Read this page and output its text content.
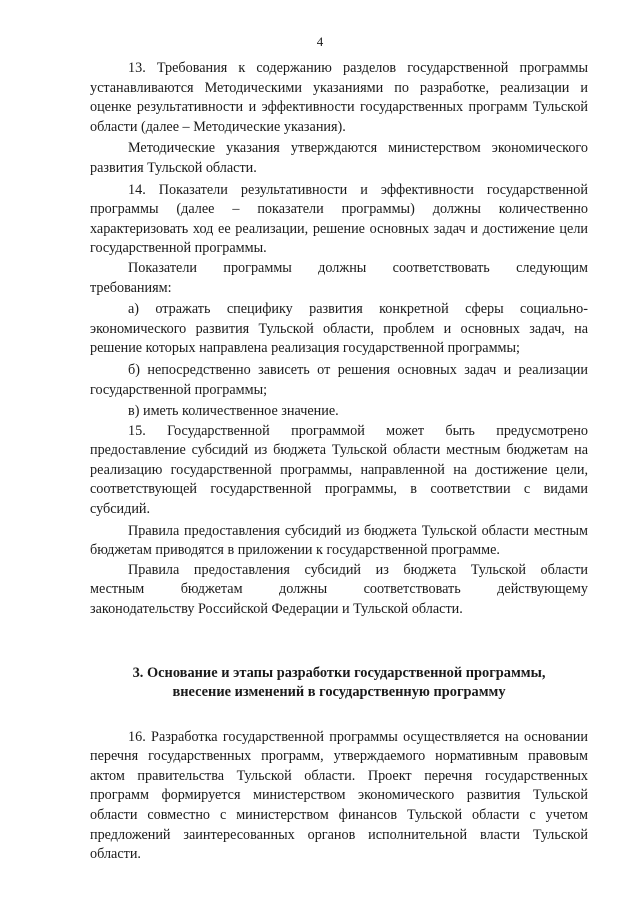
4

13. Требования к содержанию разделов государственной программы устанавливаются Методическими указаниями по разработке, реализации и оценке результативности и эффективности государственных программ Тульской области (далее – Методические указания).

Методические указания утверждаются министерством экономического развития Тульской области.

14. Показатели результативности и эффективности государственной программы (далее – показатели программы) должны количественно характеризовать ход ее реализации, решение основных задач и достижение цели государственной программы.

Показатели программы должны соответствовать следующим

требованиям:

а) отражать специфику развития конкретной сферы социально-экономического развития Тульской области, проблем и основных задач, на решение которых направлена реализация государственной программы;

б) непосредственно зависеть от решения основных задач и реализации государственной программы;

в) иметь количественное значение.

15. Государственной программой может быть предусмотрено предоставление субсидий из бюджета Тульской области местным бюджетам на реализацию государственной программы, направленной на достижение цели, соответствующей государственной программы, в соответствии с видами субсидий.

Правила предоставления субсидий из бюджета Тульской области местным бюджетам приводятся в приложении к государственной программе.

Правила предоставления субсидий из бюджета Тульской области

местным бюджетам должны соответствовать действующему

законодательству Российской Федерации и Тульской области.

3. Основание и этапы разработки государственной программы,
внесение изменений в государственную программу

16. Разработка государственной программы осуществляется на основании перечня государственных программ, утверждаемого нормативным правовым актом правительства Тульской области. Проект перечня государственных программ формируется министерством экономического развития Тульской области совместно с министерством финансов Тульской области с учетом предложений заинтересованных органов исполнительной власти Тульской области.
